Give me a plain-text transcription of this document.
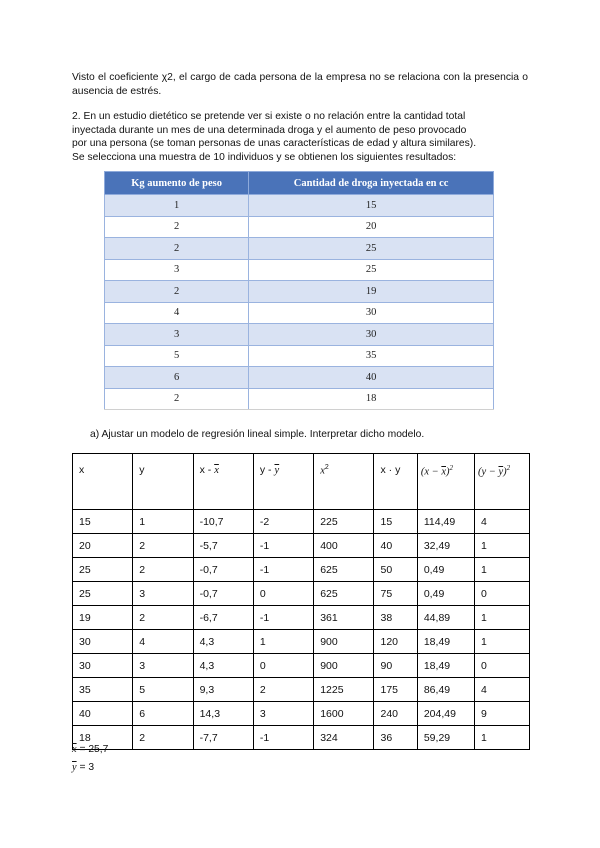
Visto el coeficiente χ2, el cargo de cada persona de la empresa no se relaciona con la presencia o ausencia de estrés.
2. En un estudio dietético se pretende ver si existe o no relación entre la cantidad total
inyectada durante un mes de una determinada droga y el aumento de peso provocado
por una persona (se toman personas de unas características de edad y altura similares).
Se selecciona una muestra de 10 individuos y se obtienen los siguientes resultados:
Kg aumento de peso	Cantidad de droga inyectada en cc
1	15
2	20
2	25
3	25
2	19
4	30
3	30
5	35
6	40
2	18
a) Ajustar un modelo de regresión lineal simple. Interpretar dicho modelo.
x	y	x - $\overline{x}$	y - $\overline{y}$	$x^2$	x · y	$(x - \overline{x})^2$	$(y - \overline{y})^2$
15	1	-10,7	-2	225	15	114,49	4
20	2	-5,7	-1	400	40	32,49	1
25	2	-0,7	-1	625	50	0,49	1
25	3	-0,7	0	625	75	0,49	0
19	2	-6,7	-1	361	38	44,89	1
30	4	4,3	1	900	120	18,49	1
30	3	4,3	0	900	90	18,49	0
35	5	9,3	2	1225	175	86,49	4
40	6	14,3	3	1600	240	204,49	9
18	2	-7,7	-1	324	36	59,29	1
$\overline{x} = 25,7$
$\overline{y} = 3$
